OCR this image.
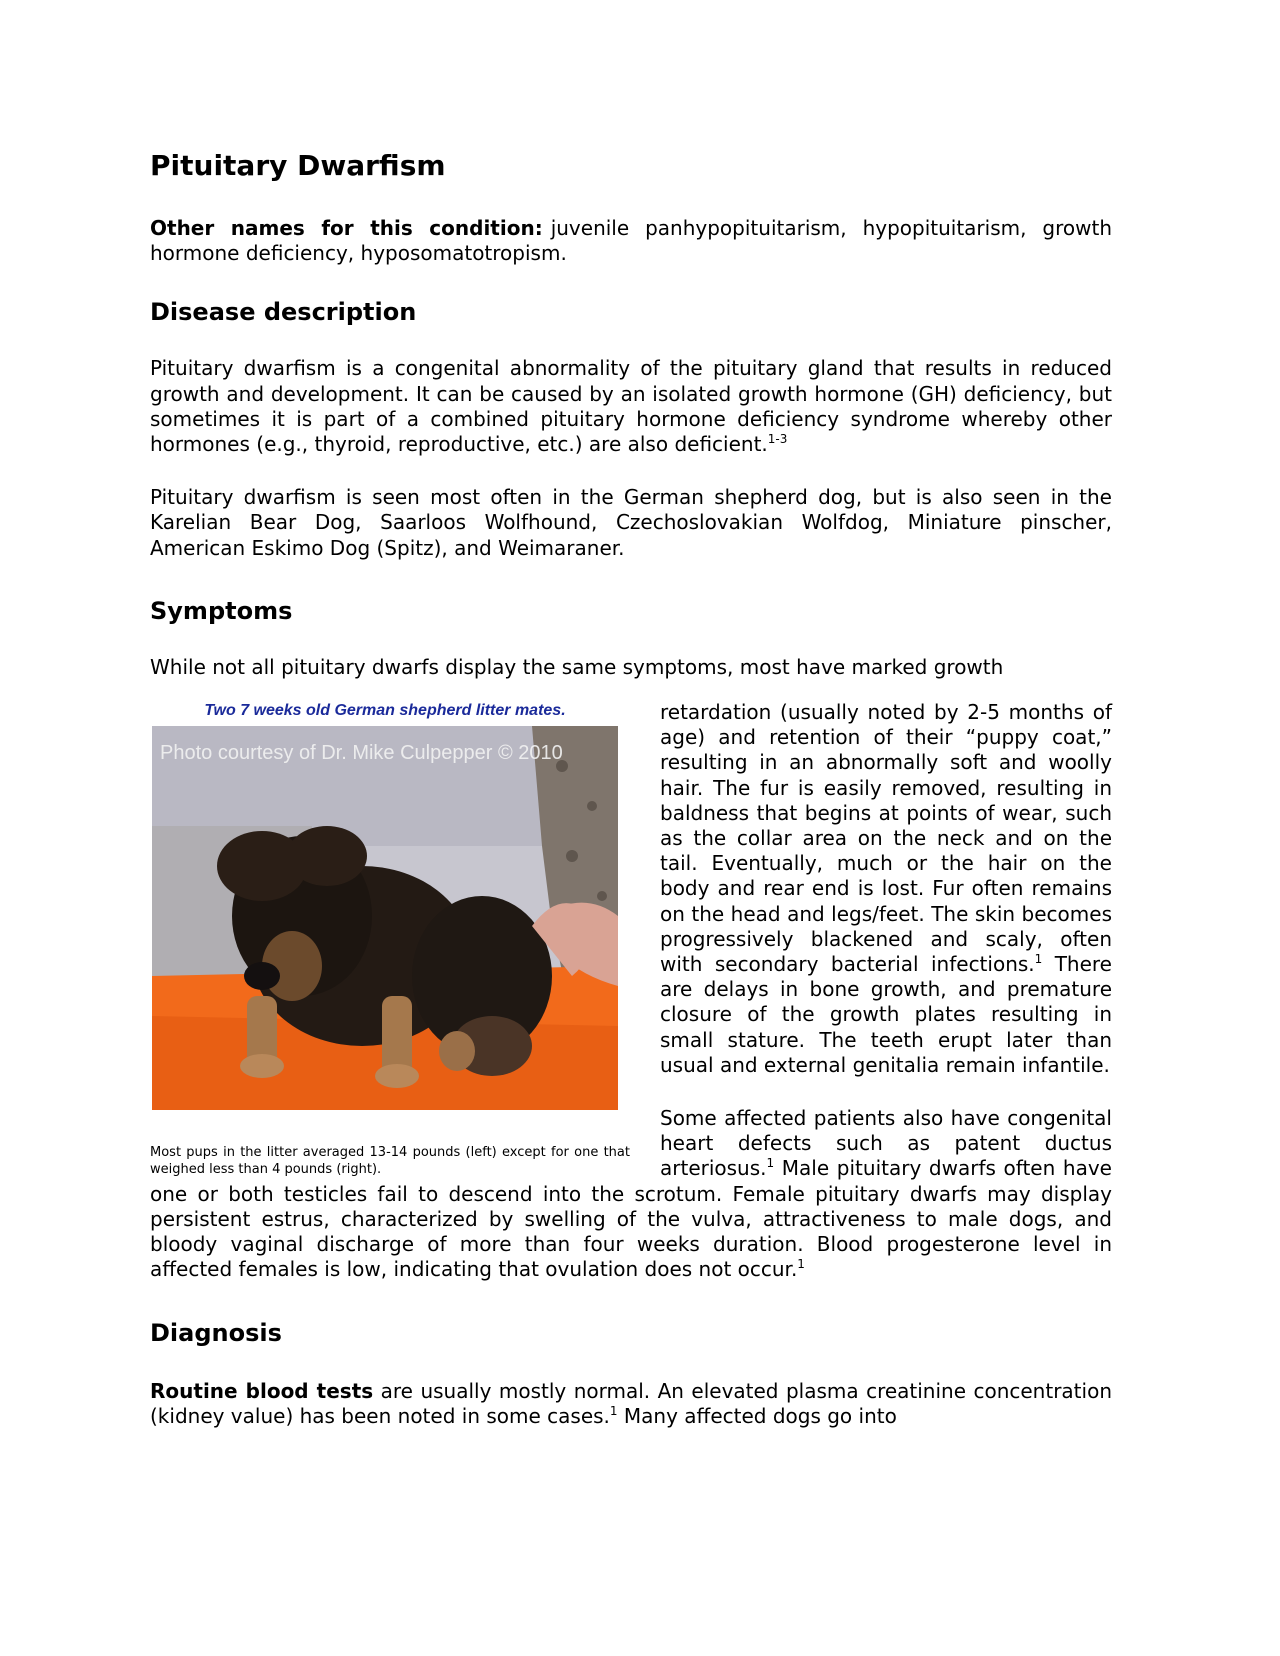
Pituitary Dwarfism

Other names for this condition: juvenile panhypopituitarism, hypopituitarism, growth hormone deficiency, hyposomatotropism.

Disease description

Pituitary dwarfism is a congenital abnormality of the pituitary gland that results in reduced growth and development. It can be caused by an isolated growth hormone (GH) deficiency, but sometimes it is part of a combined pituitary hormone deficiency syndrome whereby other hormones (e.g., thyroid, reproductive, etc.) are also deficient.$^{1-3}$

Pituitary dwarfism is seen most often in the German shepherd dog, but is also seen in the Karelian Bear Dog, Saarloos Wolfhound, Czechoslovakian Wolfdog, Miniature pinscher, American Eskimo Dog (Spitz), and Weimaraner.

Symptoms

While not all pituitary dwarfs display the same symptoms, most have marked growth

Two 7 weeks old German shepherd litter mates.
Photo courtesy of Dr. Mike Culpepper © 2010
Most pups in the litter averaged 13-14 pounds (left) except for one that weighed less than 4 pounds (right).

retardation (usually noted by 2-5 months of age) and retention of their “puppy coat,” resulting in an abnormally soft and woolly hair. The fur is easily removed, resulting in baldness that begins at points of wear, such as the collar area on the neck and on the tail. Eventually, much or the hair on the body and rear end is lost. Fur often remains on the head and legs/feet. The skin becomes progressively blackened and scaly, often with secondary bacterial infections.$^1$ There are delays in bone growth, and premature closure of the growth plates resulting in small stature. The teeth erupt later than usual and external genitalia remain infantile.

Some affected patients also have congenital heart defects such as patent ductus arteriosus.$^1$ Male pituitary dwarfs often have one or both testicles fail to descend into the scrotum. Female pituitary dwarfs may display persistent estrus, characterized by swelling of the vulva, attractiveness to male dogs, and bloody vaginal discharge of more than four weeks duration. Blood progesterone level in affected females is low, indicating that ovulation does not occur.$^1$

Diagnosis

Routine blood tests are usually mostly normal. An elevated plasma creatinine concentration (kidney value) has been noted in some cases.$^1$ Many affected dogs go into
